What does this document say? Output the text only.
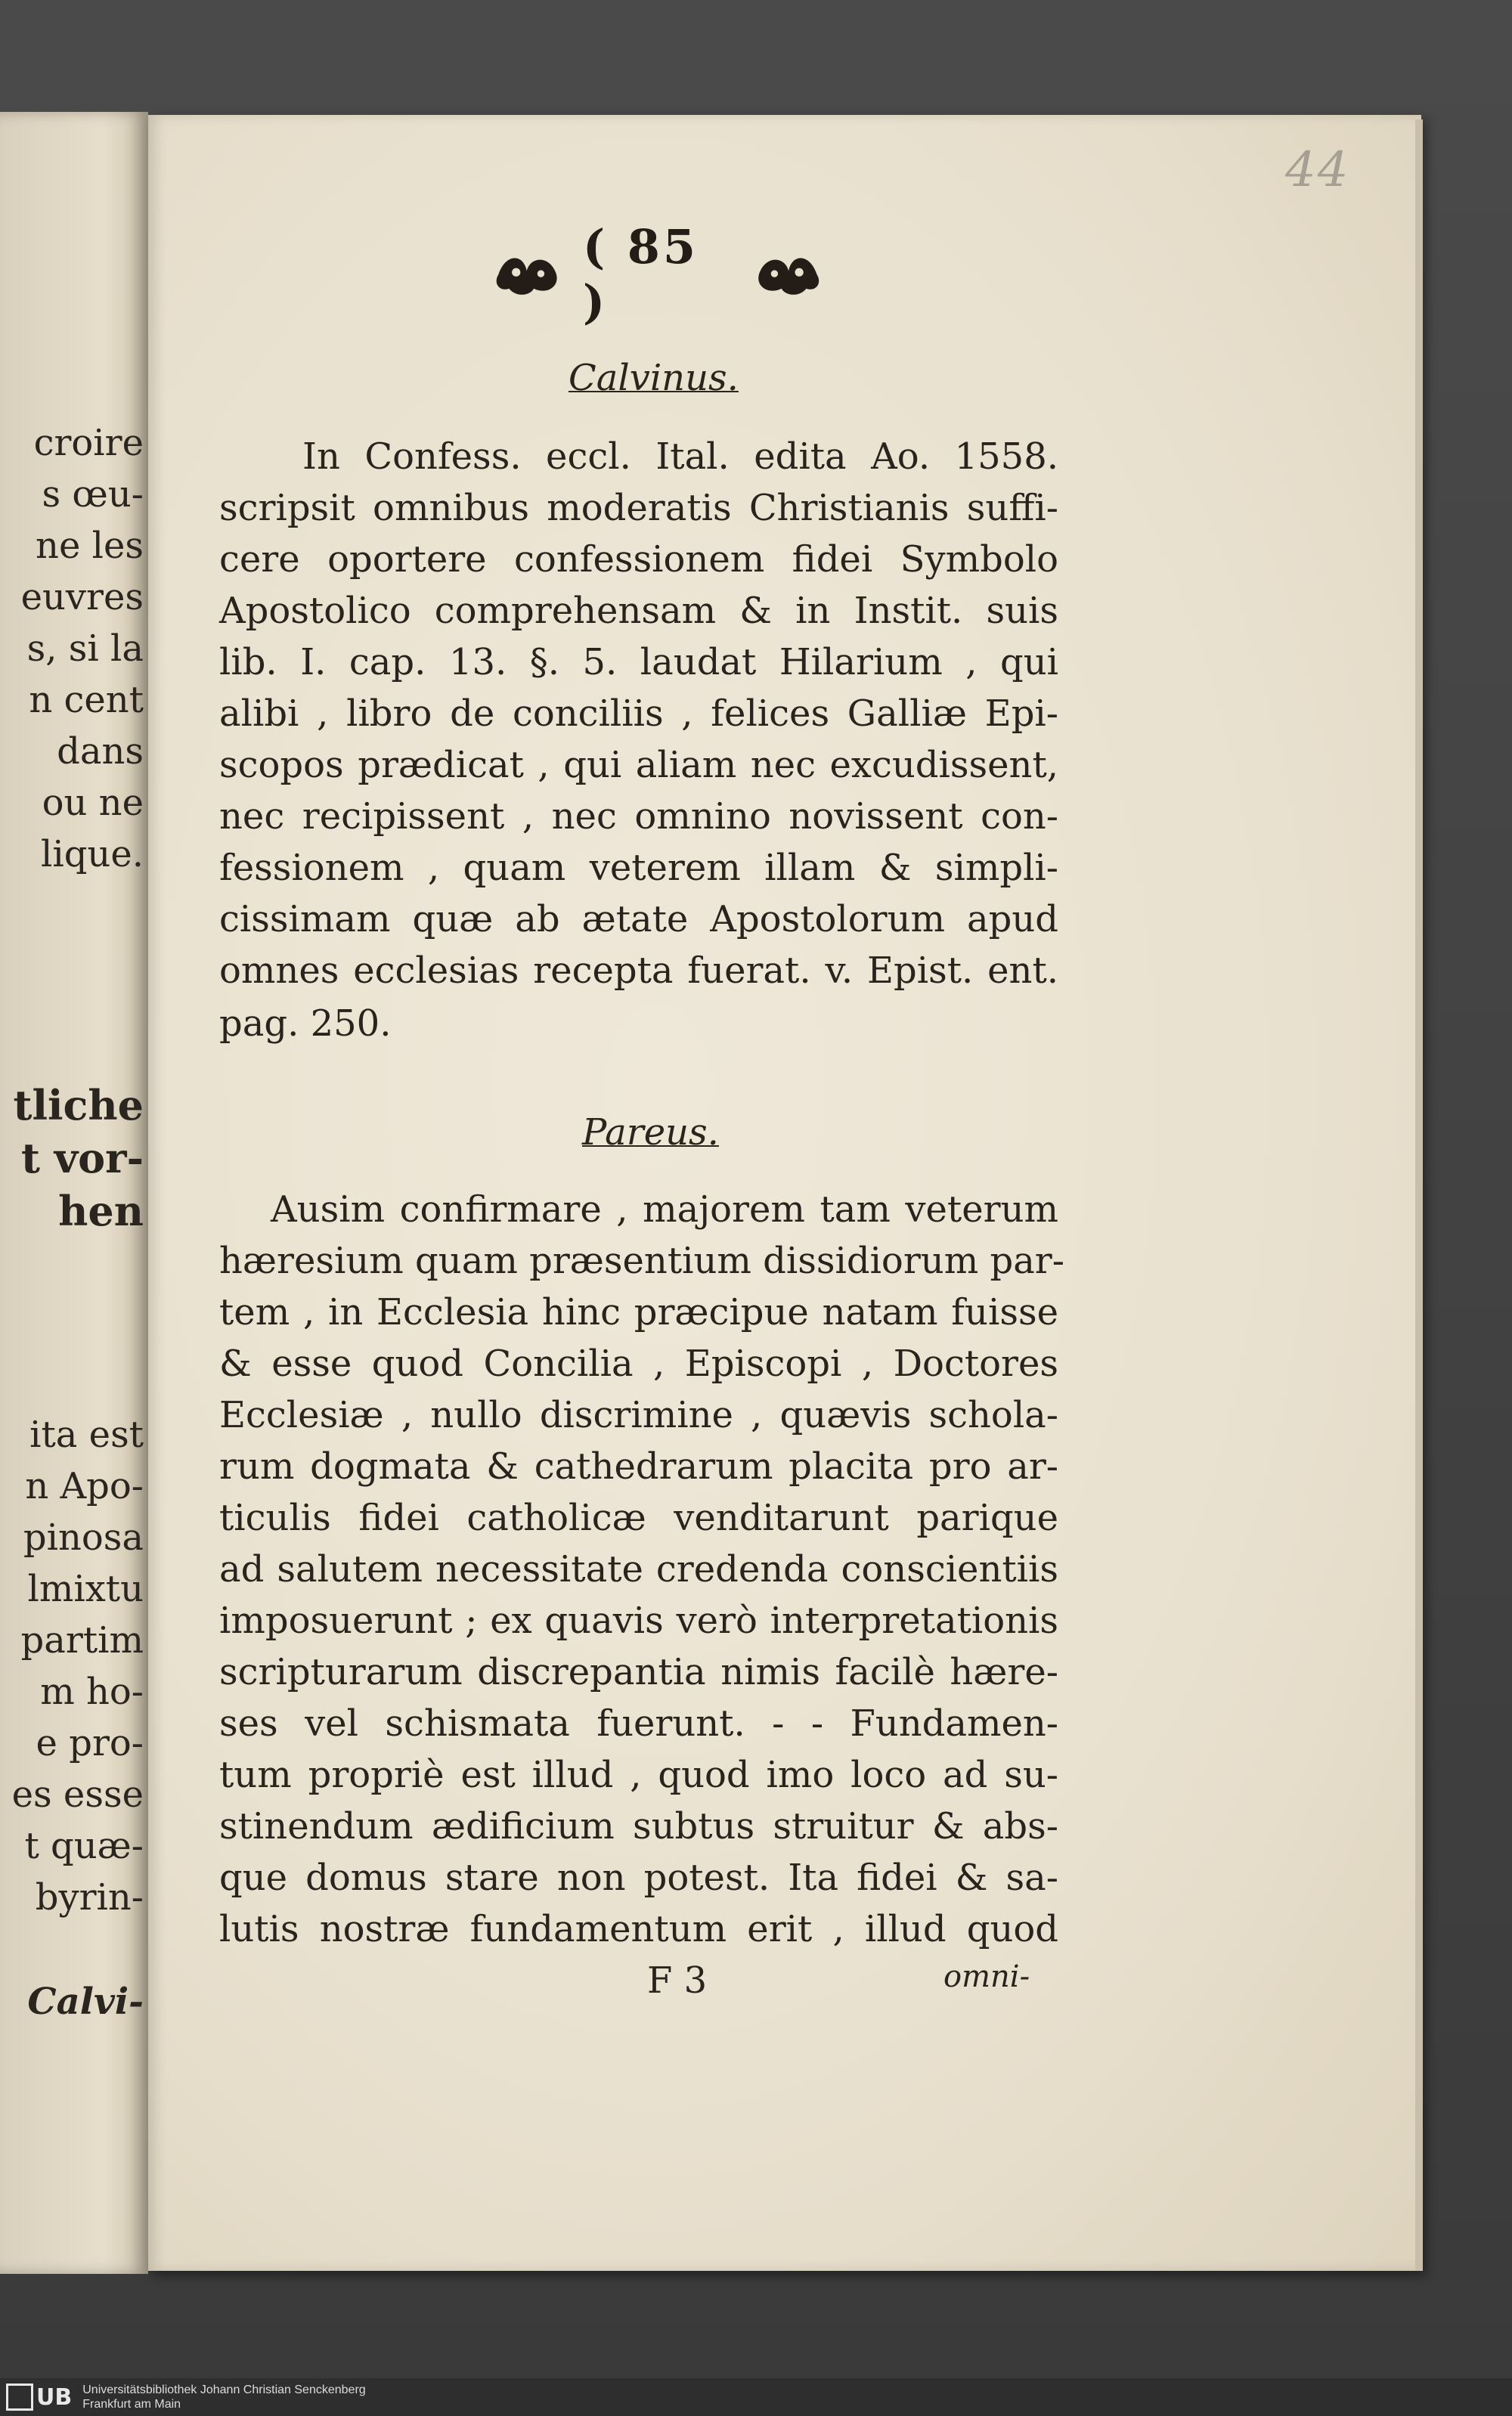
croire
s œu-
ne les
euvres
s, si la
n cent
dans
ou ne
lique.
tliche
t vor-
hen
ita est
n Apo-
pinosa
lmixtu
partim
m ho-
e pro-
es esse
t quæ-
byrin-
Calvi-
44
( 85 )
Calvinus.
In Confess. eccl. Ital. edita Ao. 1558.
scripsit omnibus moderatis Christianis suffi-
cere oportere confessionem fidei Symbolo
Apostolico comprehensam & in Instit. suis
lib. I. cap. 13. §. 5. laudat Hilarium , qui
alibi , libro de conciliis , felices Galliæ Epi-
scopos prædicat , qui aliam nec excudissent,
nec recipissent , nec omnino novissent con-
fessionem , quam veterem illam & simpli-
cissimam quæ ab ætate Apostolorum apud
omnes ecclesias recepta fuerat. v. Epist. ent.
pag. 250.
Pareus.
Ausim confirmare , majorem tam veterum
hæresium quam præsentium dissidiorum par-
tem , in Ecclesia hinc præcipue natam fuisse
& esse quod Concilia , Episcopi , Doctores
Ecclesiæ , nullo discrimine , quævis schola-
rum dogmata & cathedrarum placita pro ar-
ticulis fidei catholicæ venditarunt parique
ad salutem necessitate credenda conscientiis
imposuerunt ; ex quavis verò interpretationis
scripturarum discrepantia nimis facilè hære-
ses vel schismata fuerunt. - - Fundamen-
tum propriè est illud , quod imo loco ad su-
stinendum ædificium subtus struitur & abs-
que domus stare non potest. Ita fidei & sa-
lutis nostræ fundamentum erit , illud quod
F 3	omni-
UB Universitätsbibliothek Johann Christian Senckenberg
Frankfurt am Main
